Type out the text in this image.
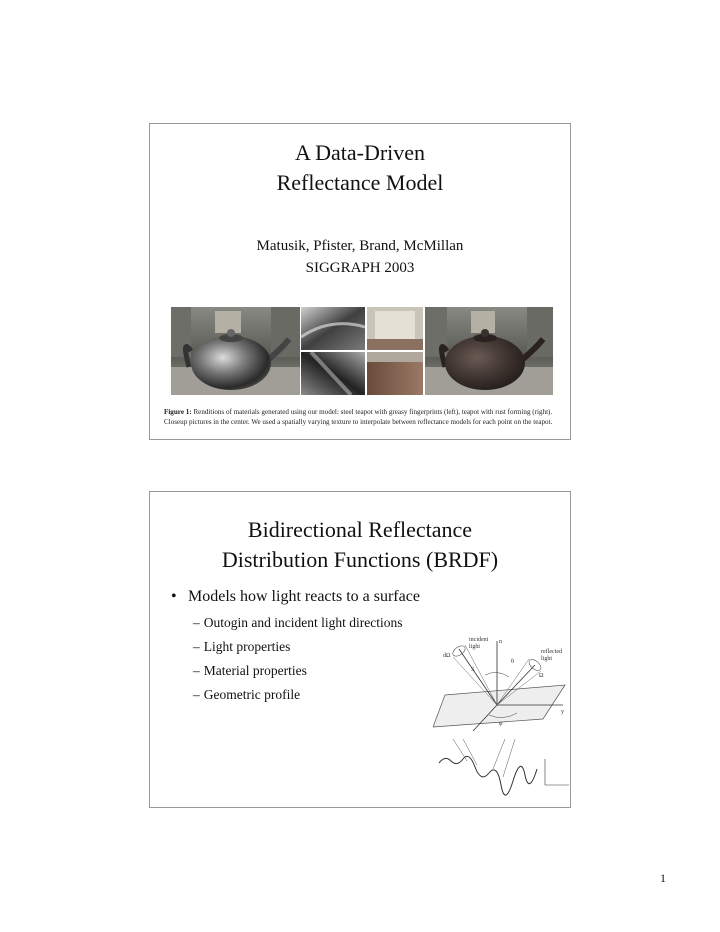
A Data-Driven
Reflectance Model
Matusik, Pfister, Brand, McMillan
SIGGRAPH 2003
Figure 1: Renditions of materials generated using our model: steel teapot with greasy fingerprints (left), teapot with rust forming (right).
Closeup pictures in the center. We used a spatially varying texture to interpolate between reflectance models for each point on the teapot.
Bidirectional Reflectance
Distribution Functions (BRDF)
• Models how light reacts to a surface
– Outogin and incident light directions
– Light properties
– Material properties
– Geometric profile
incident
light
reflected
light
n
dΩ
S
θ
Ω
y
φ
1
